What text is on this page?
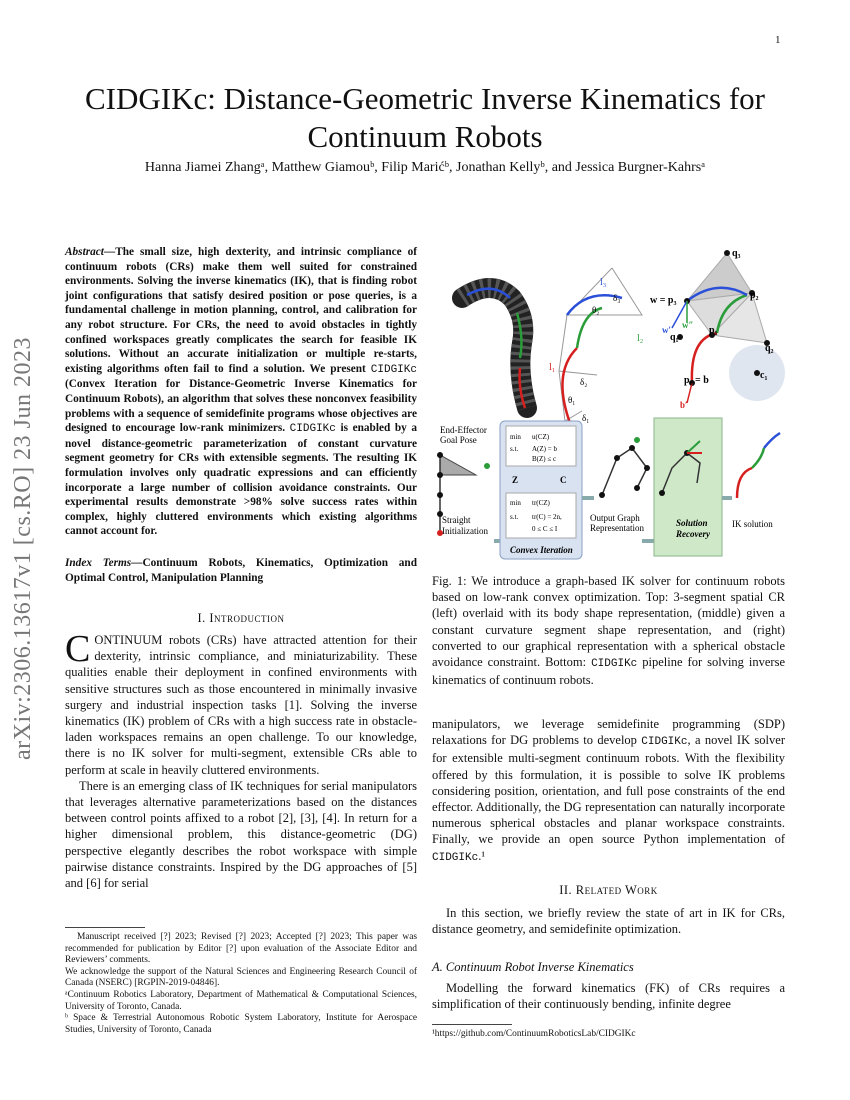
1
arXiv:2306.13617v1 [cs.RO] 23 Jun 2023
CIDGIKc: Distance-Geometric Inverse Kinematics for Continuum Robots
Hanna Jiamei Zhangᵃ, Matthew Giamouᵇ, Filip Marićᵇ, Jonathan Kellyᵇ, and Jessica Burgner-Kahrsᵃ
Abstract—The small size, high dexterity, and intrinsic compliance of continuum robots (CRs) make them well suited for constrained environments. Solving the inverse kinematics (IK), that is finding robot joint configurations that satisfy desired position or pose queries, is a fundamental challenge in motion planning, control, and calibration for any robot structure. For CRs, the need to avoid obstacles in tightly confined workspaces greatly complicates the search for feasible IK solutions. Without an accurate initialization or multiple re-starts, existing algorithms often fail to find a solution. We present CIDGIKc (Convex Iteration for Distance-Geometric Inverse Kinematics for Continuum Robots), an algorithm that solves these nonconvex feasibility problems with a sequence of semidefinite programs whose objectives are designed to encourage low-rank minimizers. CIDGIKc is enabled by a novel distance-geometric parameterization of constant curvature segment geometry for CRs with extensible segments. The resulting IK formulation involves only quadratic expressions and can efficiently incorporate a large number of collision avoidance constraints. Our experimental results demonstrate >98% solve success rates within complex, highly cluttered environments which existing algorithms cannot account for.
Index Terms—Continuum Robots, Kinematics, Optimization and Optimal Control, Manipulation Planning
I. Introduction
CONTINUUM robots (CRs) have attracted attention for their dexterity, intrinsic compliance, and miniaturizability. These qualities enable their deployment in confined environments with sensitive structures such as those encountered in minimally invasive surgery and industrial inspection tasks [1]. Solving the inverse kinematics (IK) problem of CRs with a high success rate in obstacle-laden workspaces remains an open challenge. To our knowledge, there is no IK solver for multi-segment, extensible CRs able to perform at scale in heavily cluttered environments.
There is an emerging class of IK techniques for serial manipulators that leverages alternative parameterizations based on the distances between control points affixed to a robot [2], [3], [4]. In return for a higher dimensional problem, this distance-geometric (DG) perspective elegantly describes the robot workspace with simple pairwise distance constraints. Inspired by the DG approaches of [5] and [6] for serial
Manuscript received [?] 2023; Revised [?] 2023; Accepted [?] 2023; This paper was recommended for publication by Editor [?] upon evaluation of the Associate Editor and Reviewers’ comments.
We acknowledge the support of the Natural Sciences and Engineering Research Council of Canada (NSERC) [RGPIN-2019-04846].
ᵃContinuum Robotics Laboratory, Department of Mathematical & Computational Sciences, University of Toronto, Canada.
ᵇ Space & Terrestrial Autonomous Robotic System Laboratory, Institute for Aerospace Studies, University of Toronto, Canada
l₃
l₂
l₁
θ₂
θ₁
δ₂
δ₁
δ₃
q₃
w = p₃	p₂
p₁
q₁
q₂
p₀ = b	c₁
w′ w″
b′
End-Effector
Goal Pose
Straight
Initialization
min u(CZ)
s.t. A(Z) = b
B(Z) ≤ c
Z	C
min tr(CZ)
s.t. tr(C) = 2n,
0 ≤ C ≤ I
Convex Iteration
Output Graph
Representation	Solution
Recovery
IK solution
Fig. 1: We introduce a graph-based IK solver for continuum robots based on low-rank convex optimization. Top: 3-segment spatial CR (left) overlaid with its body shape representation, (middle) given a constant curvature segment shape representation, and (right) converted to our graphical representation with a spherical obstacle avoidance constraint. Bottom: CIDGIKc pipeline for solving inverse kinematics of continuum robots.
manipulators, we leverage semidefinite programming (SDP) relaxations for DG problems to develop CIDGIKc, a novel IK solver for extensible multi-segment continuum robots. With the flexibility offered by this formulation, it is possible to solve IK problems considering position, orientation, and full pose constraints of the end effector. Additionally, the DG representation can naturally incorporate numerous spherical obstacles and planar workspace constraints. Finally, we provide an open source Python implementation of CIDGIKc.¹
II. Related Work
In this section, we briefly review the state of art in IK for CRs, distance geometry, and semidefinite optimization.
A. Continuum Robot Inverse Kinematics
Modelling the forward kinematics (FK) of CRs requires a simplification of their continuously bending, infinite degree
¹https://github.com/ContinuumRoboticsLab/CIDGIKc
